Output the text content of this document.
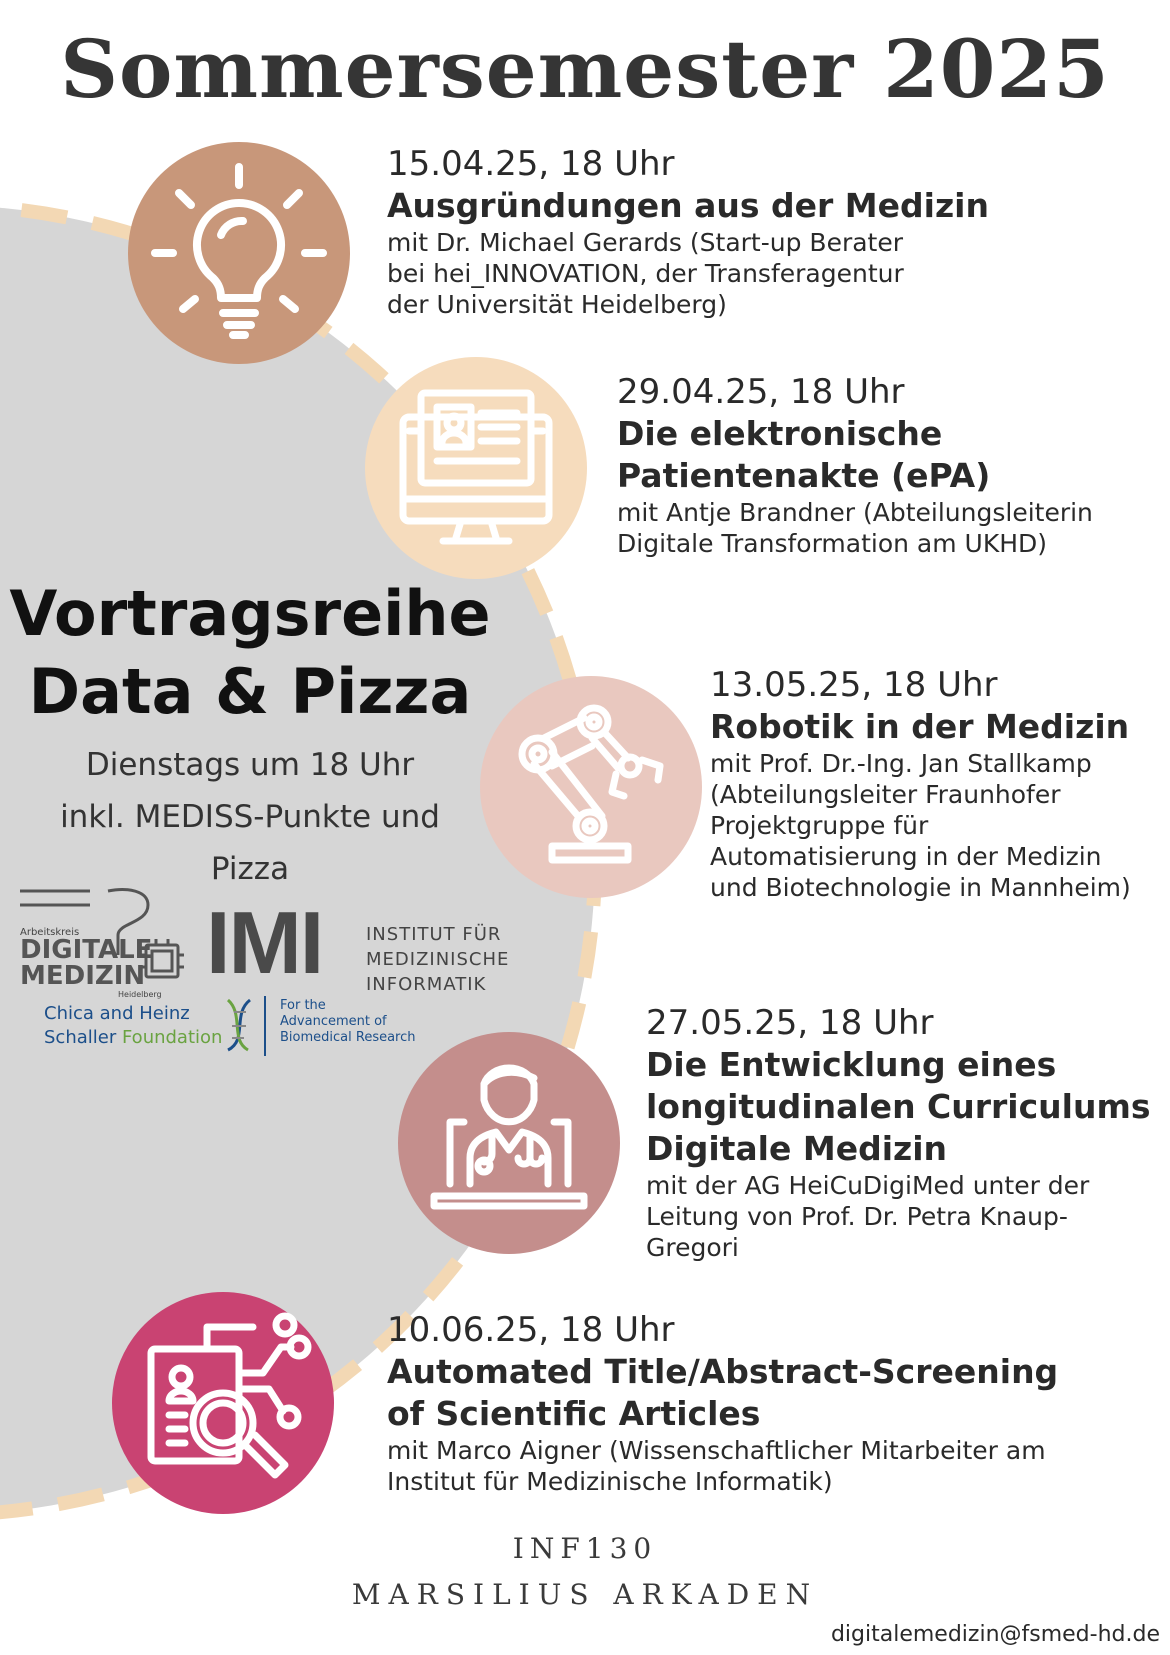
Sommersemester 2025
15.04.25, 18 Uhr
Ausgründungen aus der Medizin
mit Dr. Michael Gerards (Start-up Berater
bei hei_INNOVATION, der Transferagentur
der Universität Heidelberg)
29.04.25, 18 Uhr
Die elektronische
Patientenakte (ePA)
mit Antje Brandner (Abteilungsleiterin
Digitale Transformation am UKHD)
13.05.25, 18 Uhr
Robotik in der Medizin
mit Prof. Dr.-Ing. Jan Stallkamp
(Abteilungsleiter Fraunhofer
Projektgruppe für
Automatisierung in der Medizin
und Biotechnologie in Mannheim)
27.05.25, 18 Uhr
Die Entwicklung eines
longitudinalen Curriculums
Digitale Medizin
mit der AG HeiCuDigiMed unter der
Leitung von Prof. Dr. Petra Knaup-
Gregori
10.06.25, 18 Uhr
Automated Title/Abstract-Screening
of Scientific Articles
mit Marco Aigner (Wissenschaftlicher Mitarbeiter am
Institut für Medizinische Informatik)
Vortragsreihe
Data & Pizza
Dienstags um 18 Uhr
inkl. MEDISS-Punkte und
Pizza
Arbeitskreis
DIGITALE
MEDIZIN
Heidelberg
IMI INSTITUT FÜR
MEDIZINISCHE
INFORMATIK
Chica and Heinz
Schaller Foundation
For the
Advancement of
Biomedical Research
INF130
MARSILIUS ARKADEN
digitalemedizin@fsmed-hd.de
